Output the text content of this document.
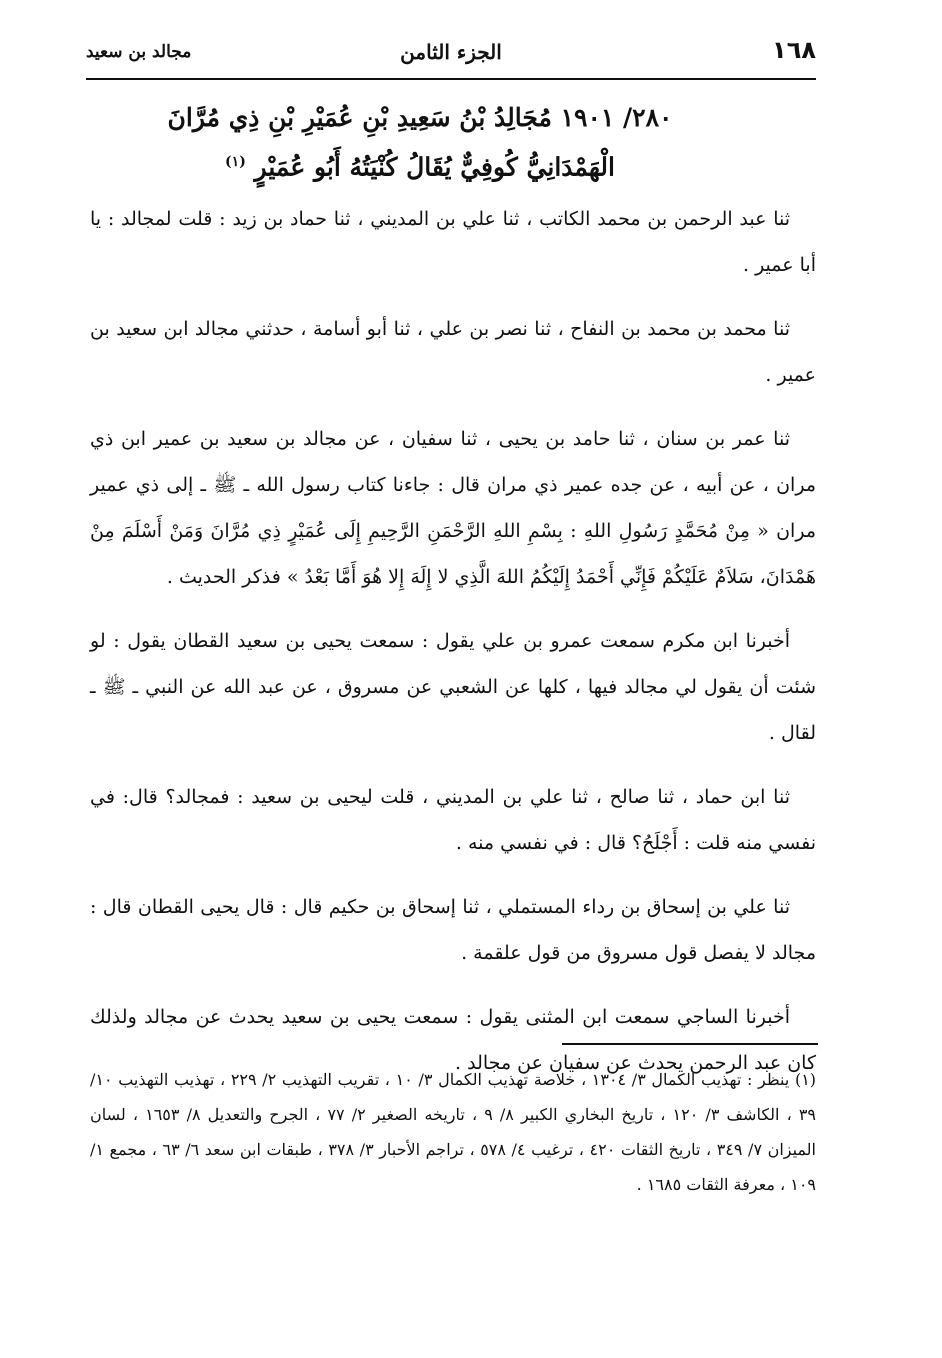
١٦٨
الجزء الثامن
مجالد بن سعيد
٢٨٠/ ١٩٠١ مُجَالِدُ بْنُ سَعِيدِ بْنِ عُمَيْرِ بْنِ ذِي مُرَّانَ الْهَمْدَانِيُّ كُوفِيٌّ يُقَالُ كُنْيَتُهُ أَبُو عُمَيْرٍ $^{(١)}$

ثنا عبد الرحمن بن محمد الكاتب ، ثنا علي بن المديني ، ثنا حماد بن زيد : قلت لمجالد : يا أبا عمير .

ثنا محمد بن محمد بن النفاح ، ثنا نصر بن علي ، ثنا أبو أسامة ، حدثني مجالد ابن سعيد بن عمير .

ثنا عمر بن سنان ، ثنا حامد بن يحيى ، ثنا سفيان ، عن مجالد بن سعيد بن عمير ابن ذي مران ، عن أبيه ، عن جده عمير ذي مران قال : جاءنا كتاب رسول الله ـ ﷺ ـ إلى ذي عمير مران « مِنْ مُحَمَّدٍ رَسُولِ اللهِ : بِسْمِ اللهِ الرَّحْمَنِ الرَّحِيمِ إِلَى عُمَيْرٍ ذِي مُرَّانَ وَمَنْ أَسْلَمَ مِنْ هَمْدَانَ، سَلاَمٌ عَلَيْكُمْ فَإِنِّي أَحْمَدُ إِلَيْكُمُ اللهَ الَّذِي لا إِلَهَ إِلا هُوَ أَمَّا بَعْدُ » فذكر الحديث .

أخبرنا ابن مكرم سمعت عمرو بن علي يقول : سمعت يحيى بن سعيد القطان يقول : لو شئت أن يقول لي مجالد فيها ، كلها عن الشعبي عن مسروق ، عن عبد الله عن النبي ـ ﷺ ـ لقال .

ثنا ابن حماد ، ثنا صالح ، ثنا علي بن المديني ، قلت ليحيى بن سعيد : فمجالد؟ قال: في نفسي منه قلت : أَجْلَحُ؟ قال : في نفسي منه .

ثنا علي بن إسحاق بن رداء المستملي ، ثنا إسحاق بن حكيم قال : قال يحيى القطان قال : مجالد لا يفصل قول مسروق من قول علقمة .

أخبرنا الساجي سمعت ابن المثنى يقول : سمعت يحيى بن سعيد يحدث عن مجالد ولذلك كان عبد الرحمن يحدث عن سفيان عن مجالد .

(١) ينظر : تهذيب الكمال ٣/ ١٣٠٤ ، خلاصة تهذيب الكمال ٣/ ١٠ ، تقريب التهذيب ٢/ ٢٢٩ ، تهذيب التهذيب ١٠/ ٣٩ ، الكاشف ٣/ ١٢٠ ، تاريخ البخاري الكبير ٨/ ٩ ، تاريخه الصغير ٢/ ٧٧ ، الجرح والتعديل ٨/ ١٦٥٣ ، لسان الميزان ٧/ ٣٤٩ ، تاريخ الثقات ٤٢٠ ، ترغيب ٤/ ٥٧٨ ، تراجم الأحبار ٣/ ٣٧٨ ، طبقات ابن سعد ٦/ ٦٣ ، مجمع ١/ ١٠٩ ، معرفة الثقات ١٦٨٥ .
